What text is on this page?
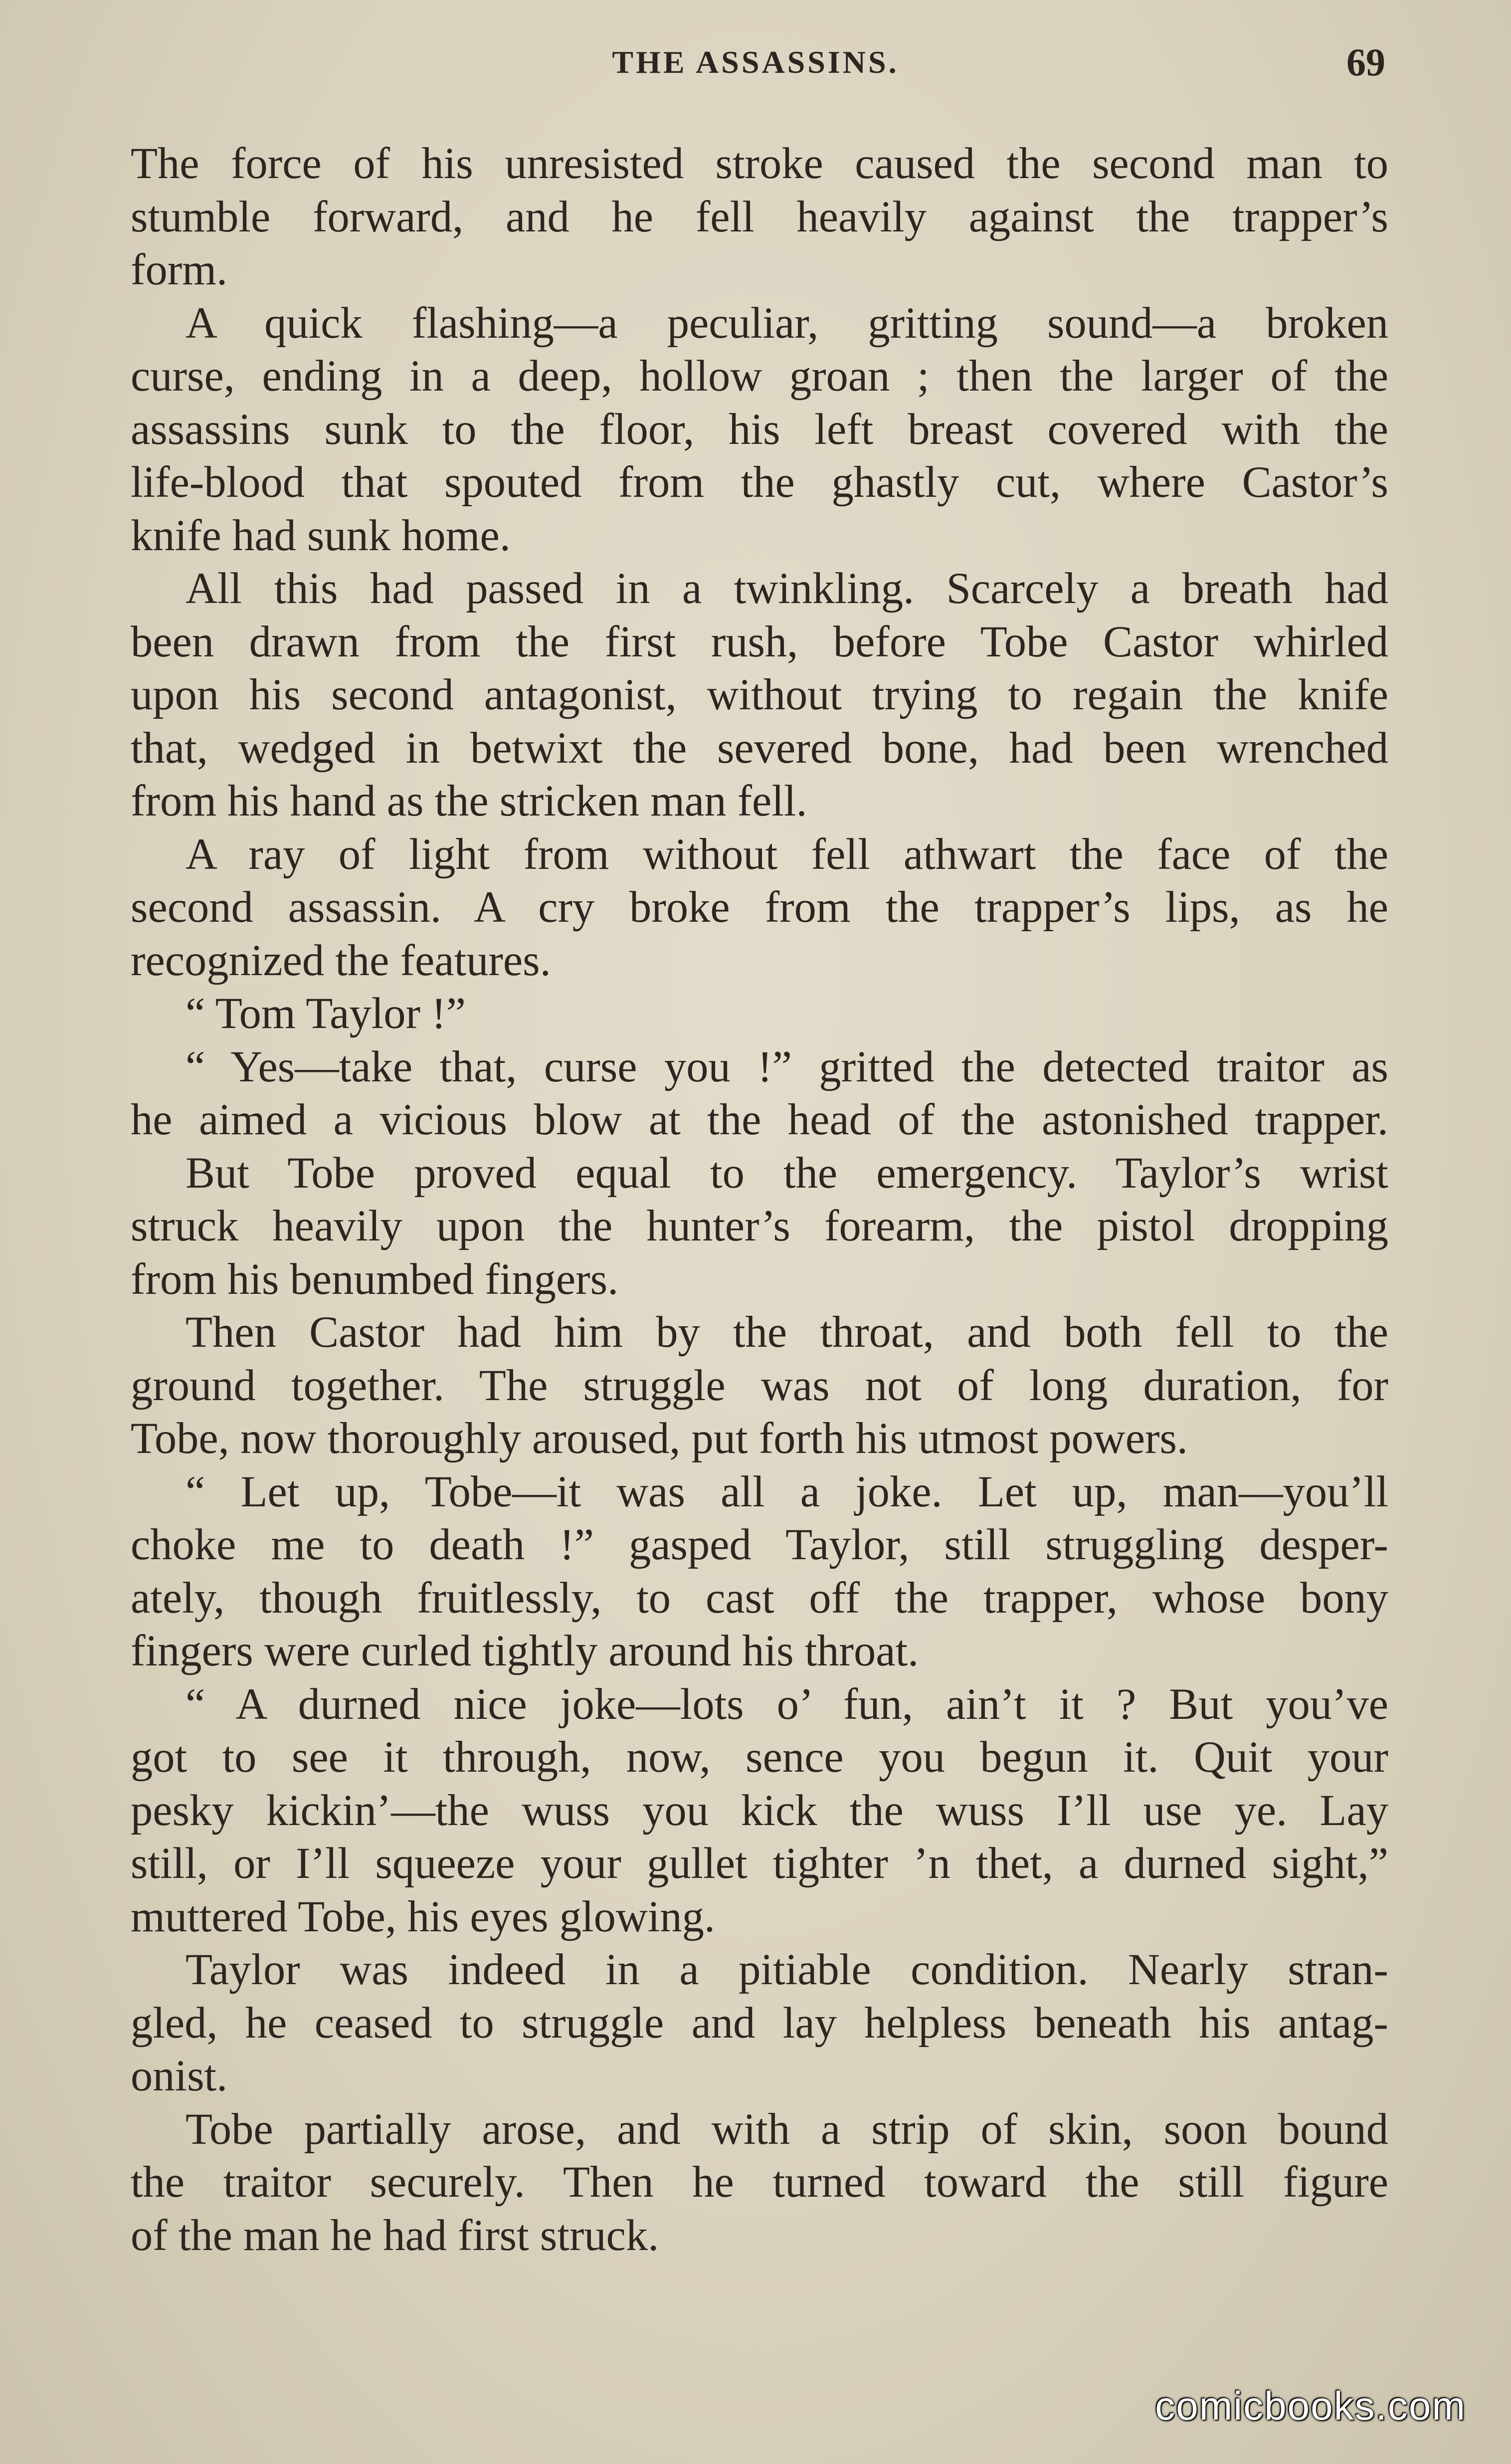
THE ASSASSINS.	69
The force of his unresisted stroke caused the second man to
stumble forward, and he fell heavily against the trapper’s
form.
A quick flashing—a peculiar, gritting sound—a broken
curse, ending in a deep, hollow groan ; then the larger of the
assassins sunk to the floor, his left breast covered with the
life-blood that spouted from the ghastly cut, where Castor’s
knife had sunk home.
All this had passed in a twinkling. Scarcely a breath had
been drawn from the first rush, before Tobe Castor whirled
upon his second antagonist, without trying to regain the knife
that, wedged in betwixt the severed bone, had been wrenched
from his hand as the stricken man fell.
A ray of light from without fell athwart the face of the
second assassin. A cry broke from the trapper’s lips, as he
recognized the features.
“ Tom Taylor !”
“ Yes—take that, curse you !” gritted the detected traitor as
he aimed a vicious blow at the head of the astonished trapper.
But Tobe proved equal to the emergency. Taylor’s wrist
struck heavily upon the hunter’s forearm, the pistol dropping
from his benumbed fingers.
Then Castor had him by the throat, and both fell to the
ground together. The struggle was not of long duration, for
Tobe, now thoroughly aroused, put forth his utmost powers.
“ Let up, Tobe—it was all a joke. Let up, man—you’ll
choke me to death !” gasped Taylor, still struggling desper-
ately, though fruitlessly, to cast off the trapper, whose bony
fingers were curled tightly around his throat.
“ A durned nice joke—lots o’ fun, ain’t it ? But you’ve
got to see it through, now, sence you begun it. Quit your
pesky kickin’—the wuss you kick the wuss I’ll use ye. Lay
still, or I’ll squeeze your gullet tighter ’n thet, a durned sight,”
muttered Tobe, his eyes glowing.
Taylor was indeed in a pitiable condition. Nearly stran-
gled, he ceased to struggle and lay helpless beneath his antag-
onist.
Tobe partially arose, and with a strip of skin, soon bound
the traitor securely. Then he turned toward the still figure
of the man he had first struck.
comicbooks.com
